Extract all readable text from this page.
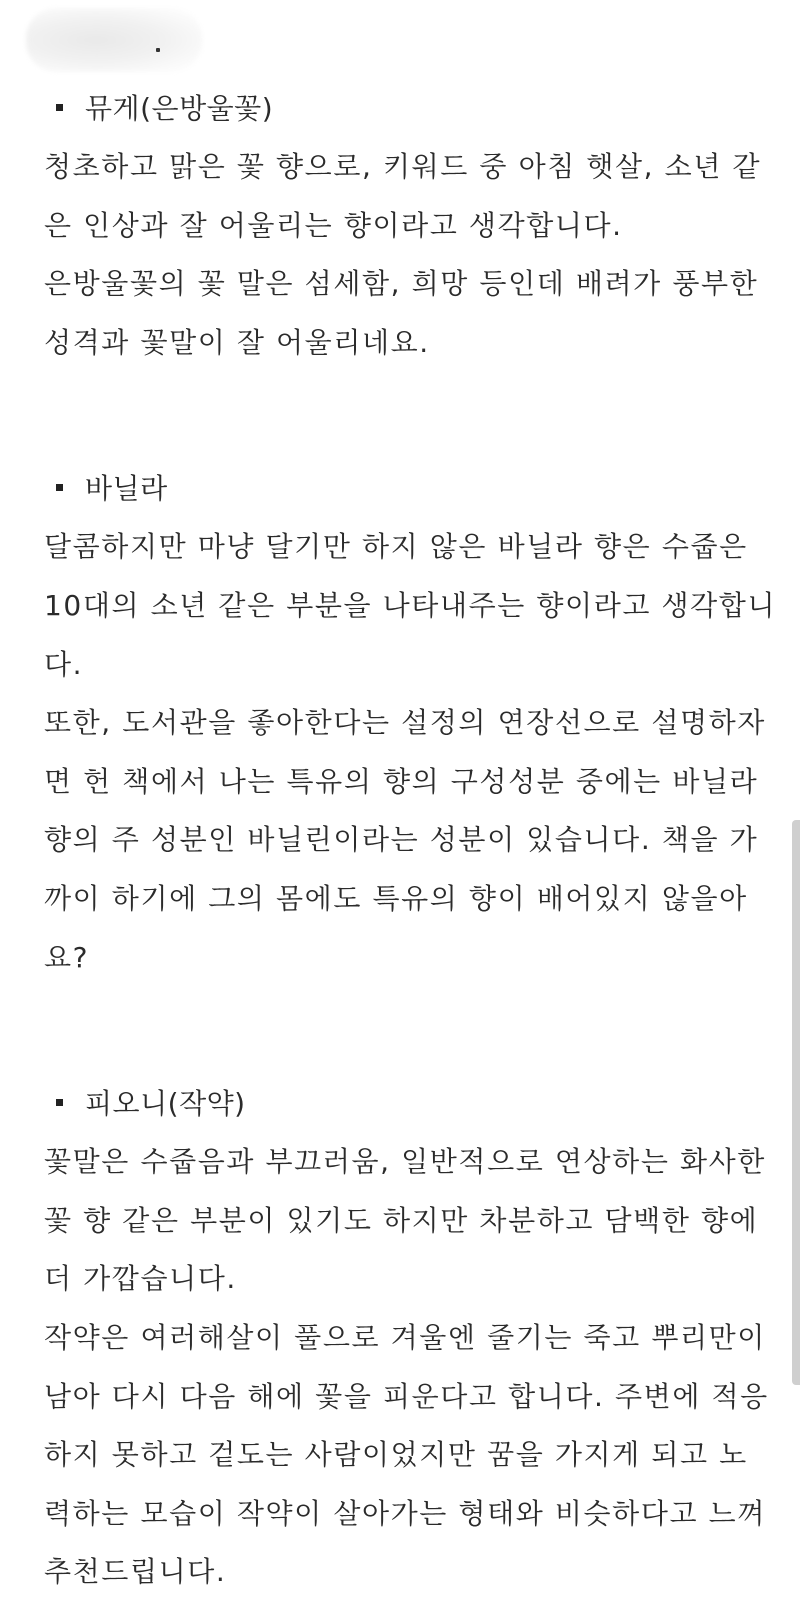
뮤게(은방울꽃)
청초하고 맑은 꽃 향으로, 키워드 중 아침 햇살, 소년 같
은 인상과 잘 어울리는 향이라고 생각합니다.
은방울꽃의 꽃 말은 섬세함, 희망 등인데 배려가 풍부한
성격과 꽃말이 잘 어울리네요.
바닐라
달콤하지만 마냥 달기만 하지 않은 바닐라 향은 수줍은
10대의 소년 같은 부분을 나타내주는 향이라고 생각합니
다.
또한, 도서관을 좋아한다는 설정의 연장선으로 설명하자
면 헌 책에서 나는 특유의 향의 구성성분 중에는 바닐라
향의 주 성분인 바닐린이라는 성분이 있습니다. 책을 가
까이 하기에 그의 몸에도 특유의 향이 배어있지 않을아
요?
피오니(작약)
꽃말은 수줍음과 부끄러움, 일반적으로 연상하는 화사한
꽃 향 같은 부분이 있기도 하지만 차분하고 담백한 향에
더 가깝습니다.
작약은 여러해살이 풀으로 겨울엔 줄기는 죽고 뿌리만이
남아 다시 다음 해에 꽃을 피운다고 합니다. 주변에 적응
하지 못하고 겉도는 사람이었지만 꿈을 가지게 되고 노
력하는 모습이 작약이 살아가는 형태와 비슷하다고 느껴
추천드립니다.
